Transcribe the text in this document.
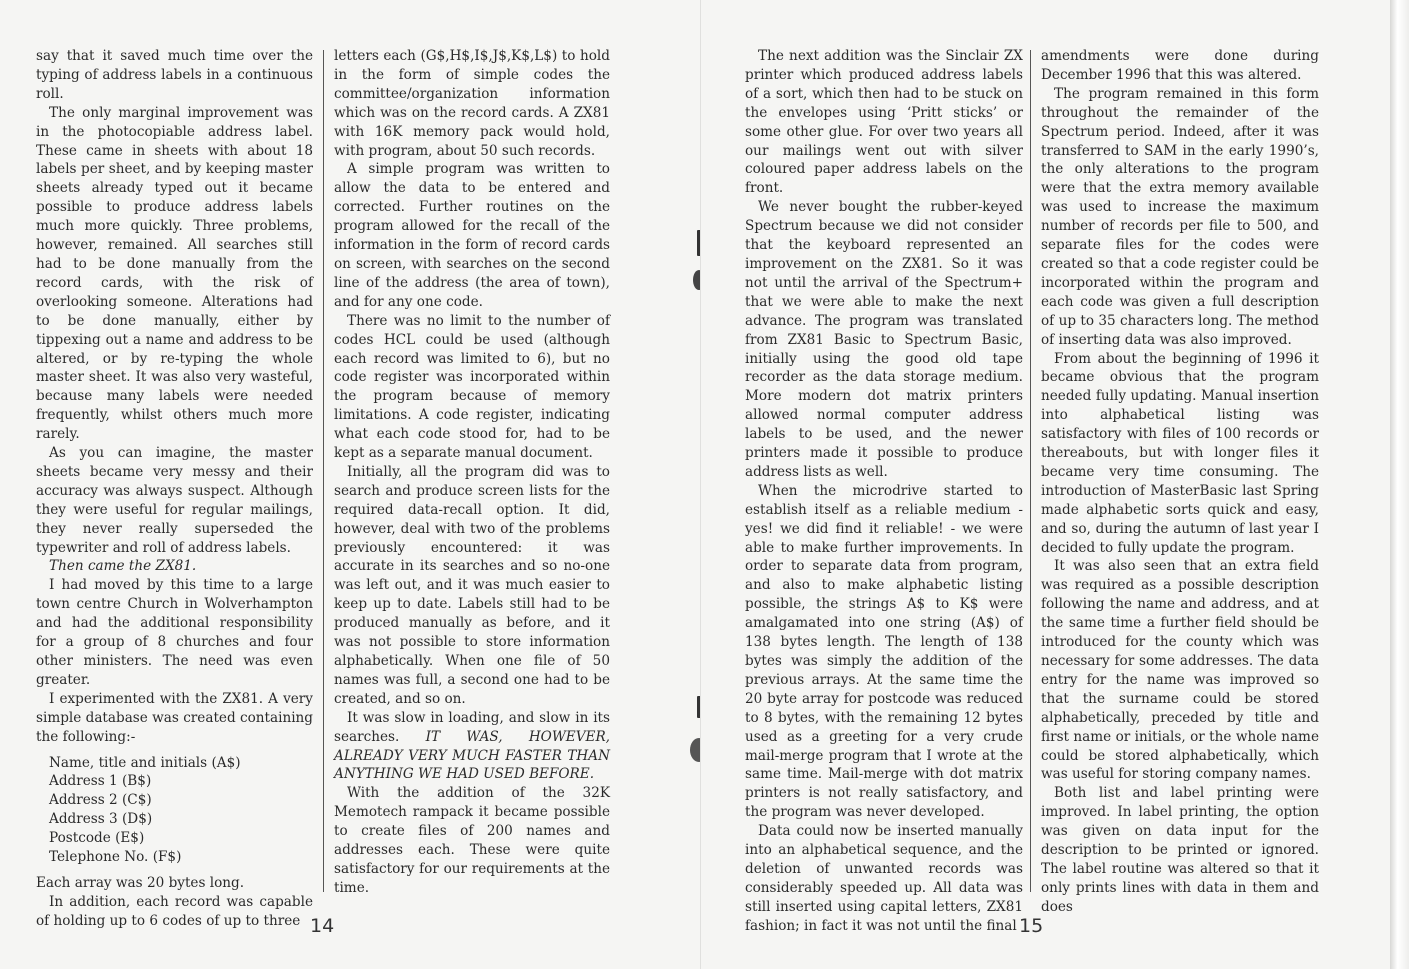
say that it saved much time over the typing of address labels in a continuous roll.

The only marginal improvement was in the photocopiable address label. These came in sheets with about 18 labels per sheet, and by keeping master sheets already typed out it became possible to produce address labels much more quickly. Three problems, however, remained. All searches still had to be done manually from the record cards, with the risk of overlooking someone. Alterations had to be done manually, either by tippexing out a name and address to be altered, or by re-typing the whole master sheet. It was also very wasteful, because many labels were needed frequently, whilst others much more rarely.

As you can imagine, the master sheets became very messy and their accuracy was always suspect. Although they were useful for regular mailings, they never really superseded the typewriter and roll of address labels.

Then came the ZX81.

I had moved by this time to a large town centre Church in Wolverhampton and had the additional responsibility for a group of 8 churches and four other ministers. The need was even greater.

I experimented with the ZX81. A very simple database was created containing the following:-

Name, title and initials (A$)
Address 1 (B$)
Address 2 (C$)
Address 3 (D$)
Postcode (E$)
Telephone No. (F$)

Each array was 20 bytes long.

In addition, each record was capable of holding up to 6 codes of up to three

letters each (G$,H$,I$,J$,K$,L$) to hold in the form of simple codes the committee/organization information which was on the record cards. A ZX81 with 16K memory pack would hold, with program, about 50 such records.

A simple program was written to allow the data to be entered and corrected. Further routines on the program allowed for the recall of the information in the form of record cards on screen, with searches on the second line of the address (the area of town), and for any one code.

There was no limit to the number of codes HCL could be used (although each record was limited to 6), but no code register was incorporated within the program because of memory limitations. A code register, indicating what each code stood for, had to be kept as a separate manual document.

Initially, all the program did was to search and produce screen lists for the required data-recall option. It did, however, deal with two of the problems previously encountered: it was accurate in its searches and so no-one was left out, and it was much easier to keep up to date. Labels still had to be produced manually as before, and it was not possible to store information alphabetically. When one file of 50 names was full, a second one had to be created, and so on.

It was slow in loading, and slow in its searches. IT WAS, HOWEVER, ALREADY VERY MUCH FASTER THAN ANYTHING WE HAD USED BEFORE.

With the addition of the 32K Memotech rampack it became possible to create files of 200 names and addresses each. These were quite satisfactory for our requirements at the time.

14

The next addition was the Sinclair ZX printer which produced address labels of a sort, which then had to be stuck on the envelopes using ‘Pritt sticks’ or some other glue. For over two years all our mailings went out with silver coloured paper address labels on the front.

We never bought the rubber-keyed Spectrum because we did not consider that the keyboard represented an improvement on the ZX81. So it was not until the arrival of the Spectrum+ that we were able to make the next advance. The program was translated from ZX81 Basic to Spectrum Basic, initially using the good old tape recorder as the data storage medium. More modern dot matrix printers allowed normal computer address labels to be used, and the newer printers made it possible to produce address lists as well.

When the microdrive started to establish itself as a reliable medium - yes! we did find it reliable! - we were able to make further improvements. In order to separate data from program, and also to make alphabetic listing possible, the strings A$ to K$ were amalgamated into one string (A$) of 138 bytes length. The length of 138 bytes was simply the addition of the previous arrays. At the same time the 20 byte array for postcode was reduced to 8 bytes, with the remaining 12 bytes used as a greeting for a very crude mail-merge program that I wrote at the same time. Mail-merge with dot matrix printers is not really satisfactory, and the program was never developed.

Data could now be inserted manually into an alphabetical sequence, and the deletion of unwanted records was considerably speeded up. All data was still inserted using capital letters, ZX81 fashion; in fact it was not until the final

amendments were done during December 1996 that this was altered.

The program remained in this form throughout the remainder of the Spectrum period. Indeed, after it was transferred to SAM in the early 1990’s, the only alterations to the program were that the extra memory available was used to increase the maximum number of records per file to 500, and separate files for the codes were created so that a code register could be incorporated within the program and each code was given a full description of up to 35 characters long. The method of inserting data was also improved.

From about the beginning of 1996 it became obvious that the program needed fully updating. Manual insertion into alphabetical listing was satisfactory with files of 100 records or thereabouts, but with longer files it became very time consuming. The introduction of MasterBasic last Spring made alphabetic sorts quick and easy, and so, during the autumn of last year I decided to fully update the program.

It was also seen that an extra field was required as a possible description following the name and address, and at the same time a further field should be introduced for the county which was necessary for some addresses. The data entry for the name was improved so that the surname could be stored alphabetically, preceded by title and first name or initials, or the whole name could be stored alphabetically, which was useful for storing company names.

Both list and label printing were improved. In label printing, the option was given on data input for the description to be printed or ignored. The label routine was altered so that it only prints lines with data in them and does

15
